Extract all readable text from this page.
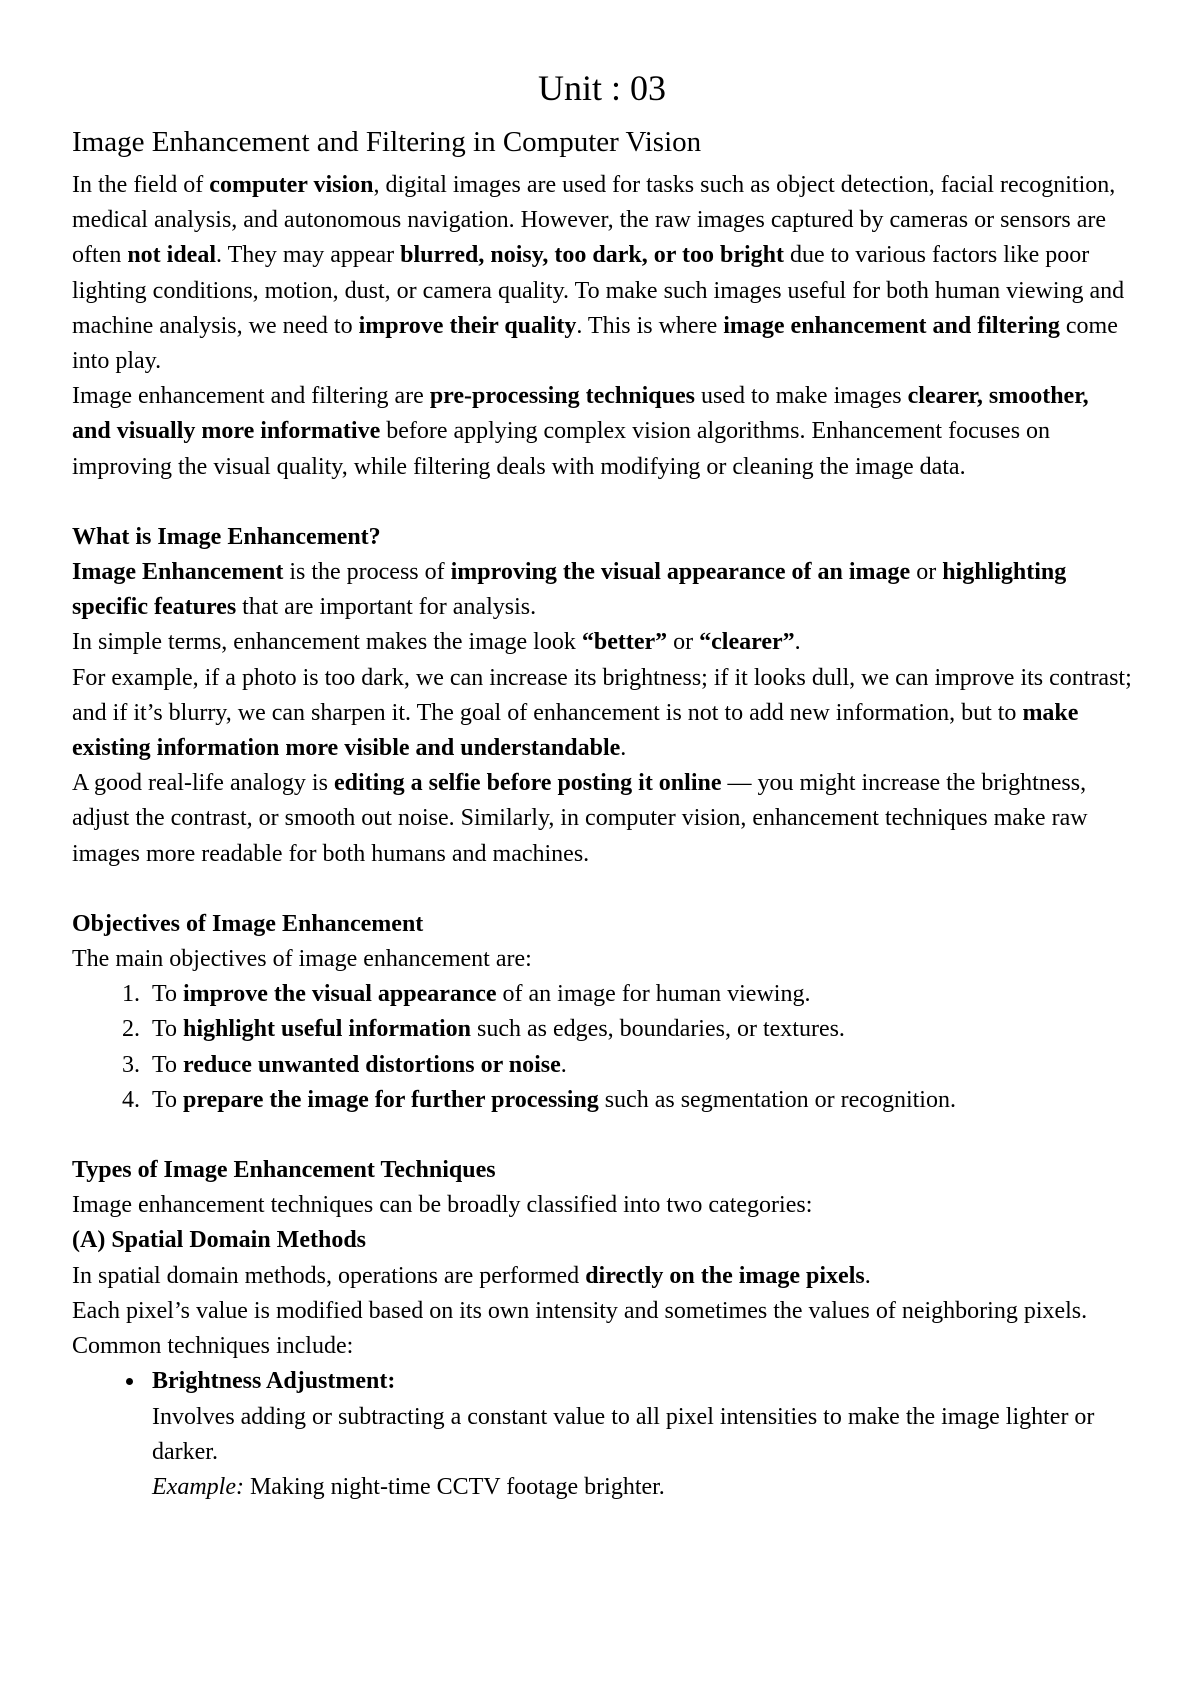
Unit : 03
Image Enhancement and Filtering in Computer Vision

In the field of computer vision, digital images are used for tasks such as object detection, facial recognition, medical analysis, and autonomous navigation. However, the raw images captured by cameras or sensors are often not ideal. They may appear blurred, noisy, too dark, or too bright due to various factors like poor lighting conditions, motion, dust, or camera quality. To make such images useful for both human viewing and machine analysis, we need to improve their quality. This is where image enhancement and filtering come into play.

Image enhancement and filtering are pre-processing techniques used to make images clearer, smoother, and visually more informative before applying complex vision algorithms. Enhancement focuses on improving the visual quality, while filtering deals with modifying or cleaning the image data.

What is Image Enhancement?

Image Enhancement is the process of improving the visual appearance of an image or highlighting specific features that are important for analysis.

In simple terms, enhancement makes the image look “better” or “clearer”.

For example, if a photo is too dark, we can increase its brightness; if it looks dull, we can improve its contrast; and if it’s blurry, we can sharpen it. The goal of enhancement is not to add new information, but to make existing information more visible and understandable.

A good real-life analogy is editing a selfie before posting it online — you might increase the brightness, adjust the contrast, or smooth out noise. Similarly, in computer vision, enhancement techniques make raw images more readable for both humans and machines.

Objectives of Image Enhancement

The main objectives of image enhancement are:

1. To improve the visual appearance of an image for human viewing.
2. To highlight useful information such as edges, boundaries, or textures.
3. To reduce unwanted distortions or noise.
4. To prepare the image for further processing such as segmentation or recognition.

Types of Image Enhancement Techniques

Image enhancement techniques can be broadly classified into two categories:

(A) Spatial Domain Methods

In spatial domain methods, operations are performed directly on the image pixels.

Each pixel’s value is modified based on its own intensity and sometimes the values of neighboring pixels.

Common techniques include:

• Brightness Adjustment:
Involves adding or subtracting a constant value to all pixel intensities to make the image lighter or darker.
Example: Making night-time CCTV footage brighter.
